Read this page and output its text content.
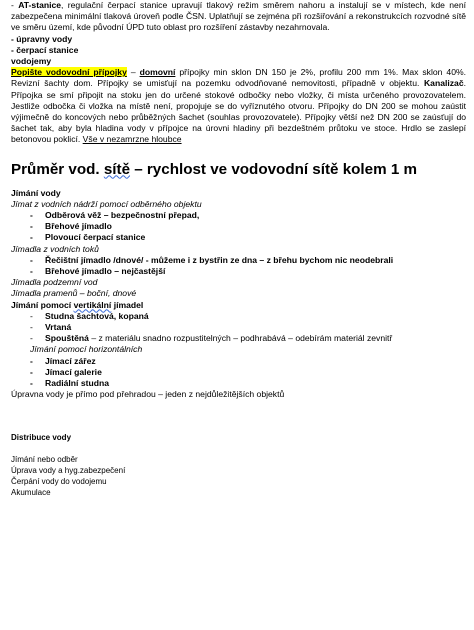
- AT-stanice, regulační čerpací stanice upravují tlakový režim směrem nahoru a instalují se v místech, kde není zabezpečena minimální tlaková úroveň podle ČSN. Uplatňují se zejména při rozšiřování a rekonstrukcích rozvodné sítě ve směru území, kde původní ÚPD tuto oblast pro rozšíření zástavby nezahrnovala.

- úpravny vody

- čerpací stanice

vodojemy

Popište vodovodní přípojky – domovní přípojky min sklon DN 150 je 2%, profilu 200 mm 1%. Max sklon 40%. Revizní šachty dom. Přípojky se umisťují na pozemku odvodňované nemovitosti, případně v objektu. Kanalizač. Přípojka se smí připojit na stoku jen do určené stokové odbočky nebo vložky, či místa určeného provozovatelem. Jestliže odbočka či vložka na místě není, propojuje se do vyříznutého otvoru. Přípojky do DN 200 se mohou zaústit výjimečně do koncových nebo průběžných šachet (souhlas provozovatele). Přípojky větší než DN 200 se zaúsťují do šachet tak, aby byla hladina vody v přípojce na úrovni hladiny při bezdeštném průtoku ve stoce. Hrdlo se zaslepí betonovou poklicí. Vše v nezamrzne hloubce

Průměr vod. sítě – rychlost ve vodovodní sítě kolem 1 m

Jímání vody

Jímat z vodních nádrží pomocí odběrného objektu

- Odběrová věž – bezpečnostní přepad,
- Břehové jímadlo
- Plovoucí čerpací stanice

Jímadla z vodních toků

- Řečištní jímadlo /dnové/ - můžeme i z bystřin ze dna – z břehu bychom nic neodebrali
- Břehové jímadlo – nejčastější

Jímadla podzemní vod

Jímadla pramenů – boční, dnové

Jímání pomocí vertikální jímadel

- Studna šachtová, kopaná
- Vrtaná
- Spouštěná – z materiálu snadno rozpustitelných – podhrabává – odebírám materiál zevnitř

Jímání pomocí horizontálních

- Jímací zářez
- Jímací galerie
- Radiální studna

Úpravna vody je přímo pod přehradou – jeden z nejdůležitějších objektů

Distribuce vody

Jímání nebo odběr

Úprava vody a hyg.zabezpečení

Čerpání vody do vodojemu

Akumulace
